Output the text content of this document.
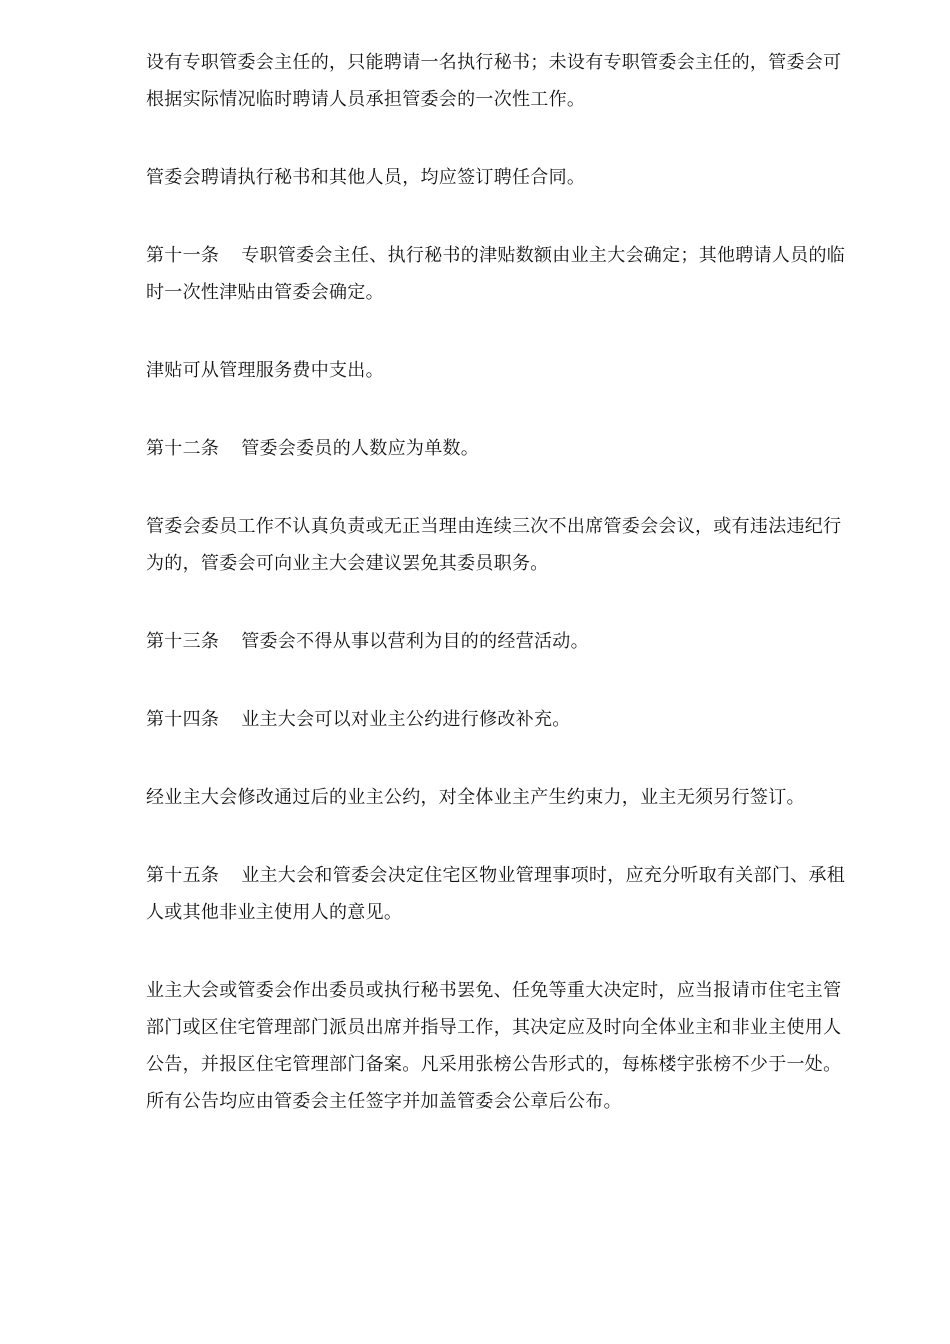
设有专职管委会主任的，只能聘请一名执行秘书；未设有专职管委会主任的，管委会可
根据实际情况临时聘请人员承担管委会的一次性工作。

管委会聘请执行秘书和其他人员，均应签订聘任合同。

第十一条 专职管委会主任、执行秘书的津贴数额由业主大会确定；其他聘请人员的临
时一次性津贴由管委会确定。

津贴可从管理服务费中支出。

第十二条 管委会委员的人数应为单数。

管委会委员工作不认真负责或无正当理由连续三次不出席管委会会议，或有违法违纪行
为的，管委会可向业主大会建议罢免其委员职务。

第十三条 管委会不得从事以营利为目的的经营活动。

第十四条 业主大会可以对业主公约进行修改补充。

经业主大会修改通过后的业主公约，对全体业主产生约束力，业主无须另行签订。

第十五条 业主大会和管委会决定住宅区物业管理事项时，应充分听取有关部门、承租
人或其他非业主使用人的意见。

业主大会或管委会作出委员或执行秘书罢免、任免等重大决定时，应当报请市住宅主管
部门或区住宅管理部门派员出席并指导工作，其决定应及时向全体业主和非业主使用人
公告，并报区住宅管理部门备案。凡采用张榜公告形式的，每栋楼宇张榜不少于一处。
所有公告均应由管委会主任签字并加盖管委会公章后公布。
